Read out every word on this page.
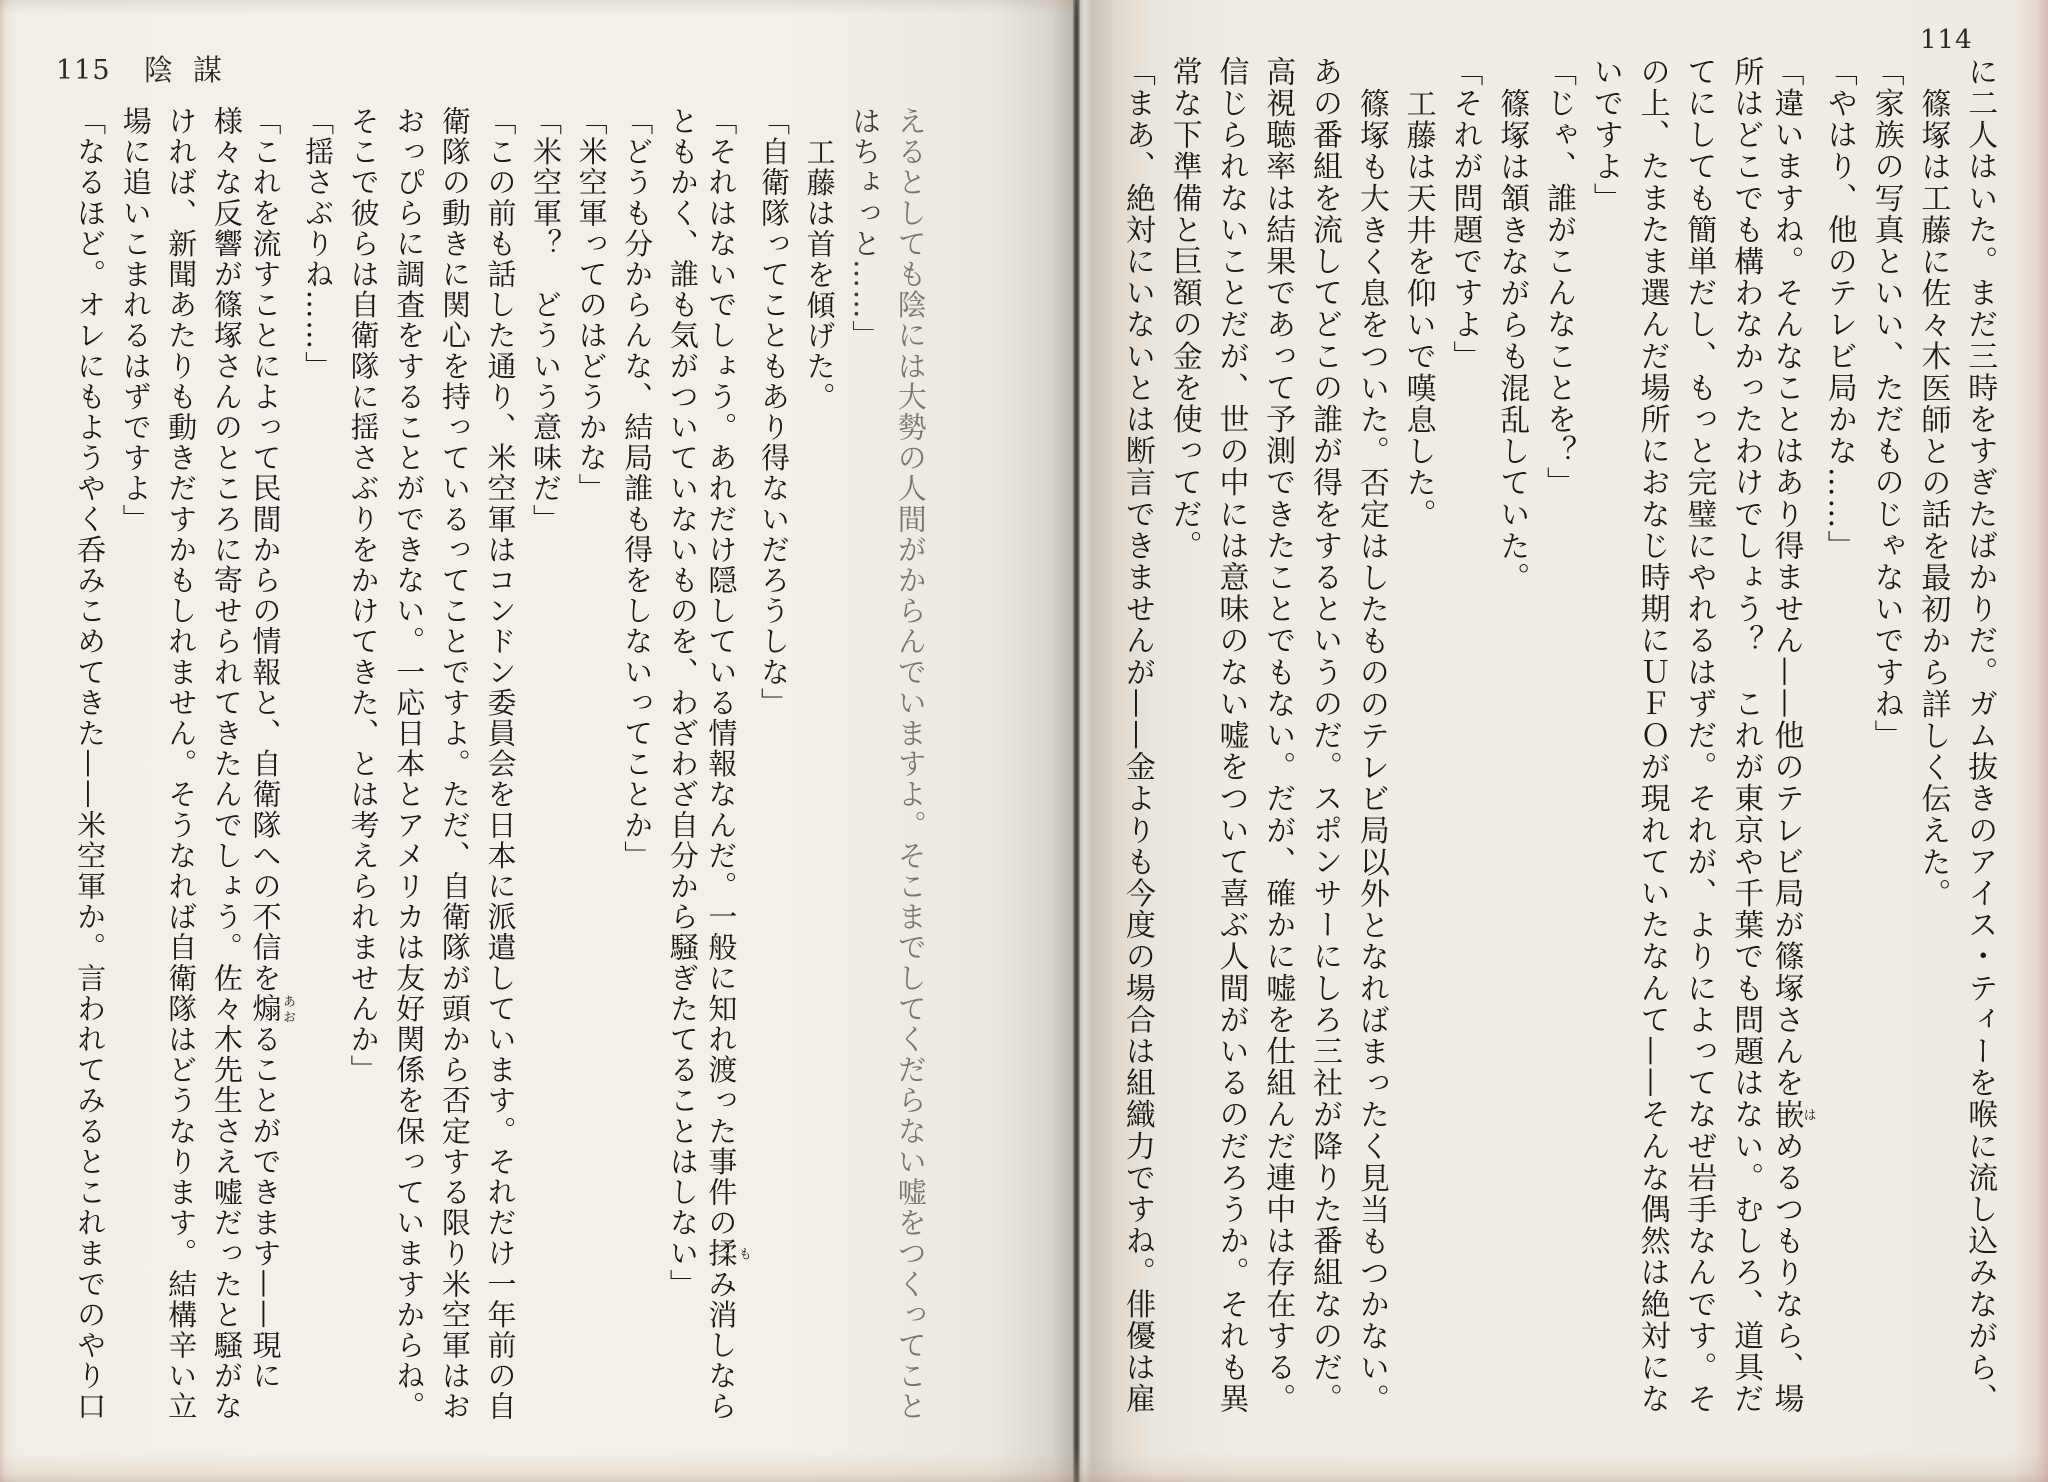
115 陰謀

えるとしても陰には大勢の人間がからんでいますよ。そこまでしてくだらない嘘をつくってこと

はちょっと……」

工藤は首を傾げた。

「自衛隊ってこともあり得ないだろうしな」

「それはないでしょう。あれだけ隠している情報なんだ。一般に知れ渡った事件の揉もみ消しなら

ともかく、誰も気がついていないものを、わざわざ自分から騒ぎたてることはしない」

「どうも分からんな、結局誰も得をしないってことか」

「米空軍ってのはどうかな」

「米空軍？　どういう意味だ」

「この前も話した通り、米空軍はコンドン委員会を日本に派遣しています。それだけ一年前の自

衛隊の動きに関心を持っているってことですよ。ただ、自衛隊が頭から否定する限り米空軍はお

おっぴらに調査をすることができない。一応日本とアメリカは友好関係を保っていますからね。

そこで彼らは自衛隊に揺さぶりをかけてきた、とは考えられませんか」

「揺さぶりね……」

「これを流すことによって民間からの情報と、自衛隊への不信を煽あおることができます——現に

様々な反響が篠塚さんのところに寄せられてきたんでしょう。佐々木先生さえ嘘だったと騒がな

ければ、新聞あたりも動きだすかもしれません。そうなれば自衛隊はどうなります。結構辛い立

場に追いこまれるはずですよ」

「なるほど。オレにもようやく呑みこめてきた——米空軍か。言われてみるとこれまでのやり口

114

に二人はいた。まだ三時をすぎたばかりだ。ガム抜きのアイス・ティーを喉に流し込みながら、

篠塚は工藤に佐々木医師との話を最初から詳しく伝えた。

「家族の写真といい、ただものじゃないですね」

「やはり、他のテレビ局かな……」

「違いますね。そんなことはあり得ません——他のテレビ局が篠塚さんを嵌はめるつもりなら、場

所はどこでも構わなかったわけでしょう？　これが東京や千葉でも問題はない。むしろ、道具だ

てにしても簡単だし、もっと完璧にやれるはずだ。それが、よりによってなぜ岩手なんです。そ

の上、たまたま選んだ場所におなじ時期にＵＦＯが現れていたなんて——そんな偶然は絶対にな

いですよ」

「じゃ、誰がこんなことを？」

篠塚は頷きながらも混乱していた。

「それが問題ですよ」

工藤は天井を仰いで嘆息した。

篠塚も大きく息をついた。否定はしたもののテレビ局以外となればまったく見当もつかない。

あの番組を流してどこの誰が得をするというのだ。スポンサーにしろ三社が降りた番組なのだ。

高視聴率は結果であって予測できたことでもない。だが、確かに嘘を仕組んだ連中は存在する。

信じられないことだが、世の中には意味のない嘘をついて喜ぶ人間がいるのだろうか。それも異

常な下準備と巨額の金を使ってだ。

「まあ、絶対にいないとは断言できませんが——金よりも今度の場合は組織力ですね。俳優は雇
